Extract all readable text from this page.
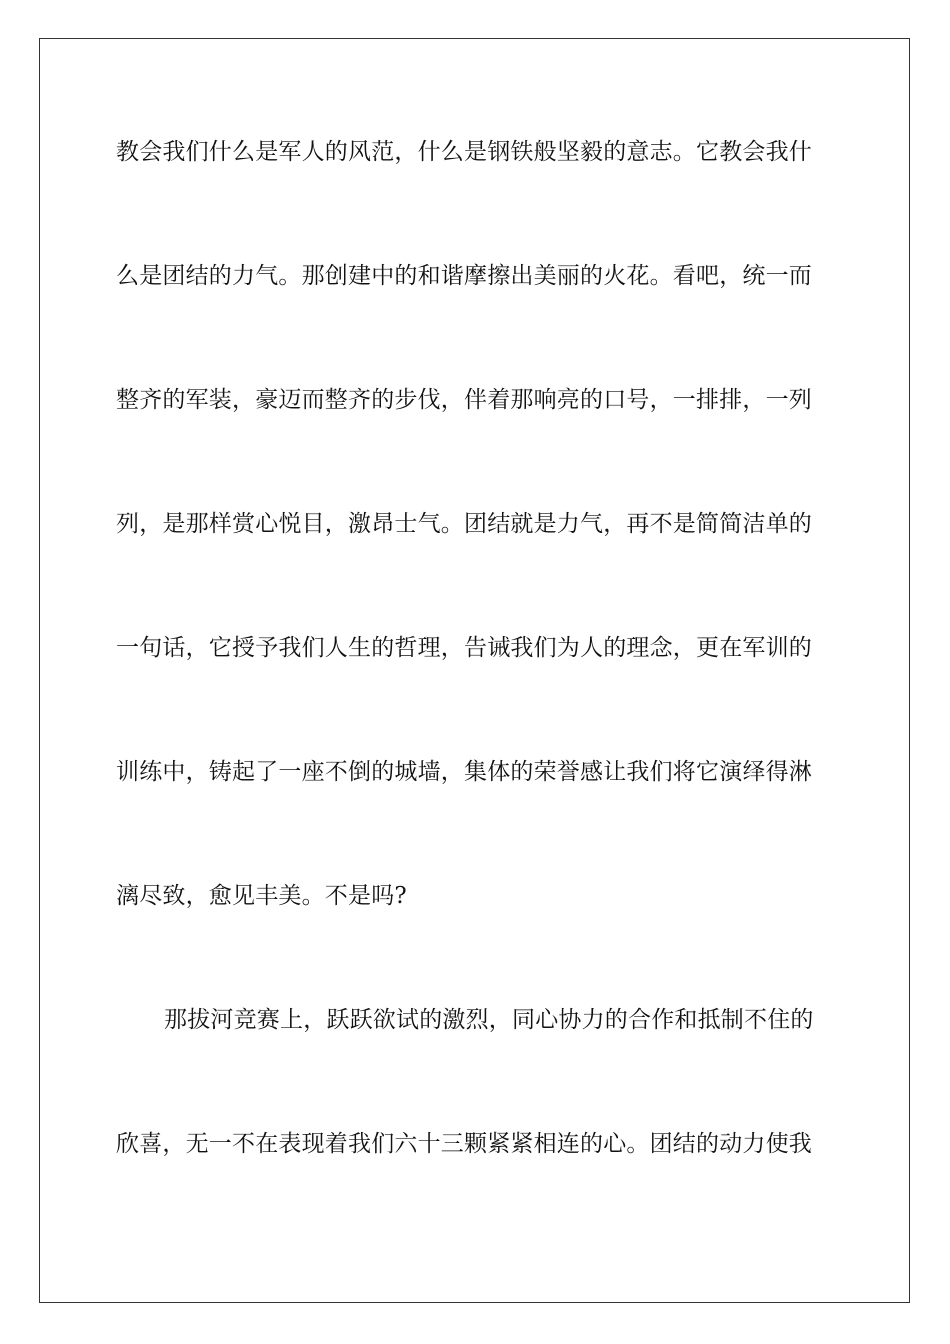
教会我们什么是军人的风范，什么是钢铁般坚毅的意志。它教会我什
么是团结的力气。那创建中的和谐摩擦出美丽的火花。看吧，统一而
整齐的军装，豪迈而整齐的步伐，伴着那响亮的口号，一排排，一列
列，是那样赏心悦目，激昂士气。团结就是力气，再不是简简洁单的
一句话，它授予我们人生的哲理，告诫我们为人的理念，更在军训的
训练中，铸起了一座不倒的城墙，集体的荣誉感让我们将它演绎得淋
漓尽致，愈见丰美。不是吗?
那拔河竞赛上，跃跃欲试的激烈，同心协力的合作和抵制不住的
欣喜，无一不在表现着我们六十三颗紧紧相连的心。团结的动力使我
